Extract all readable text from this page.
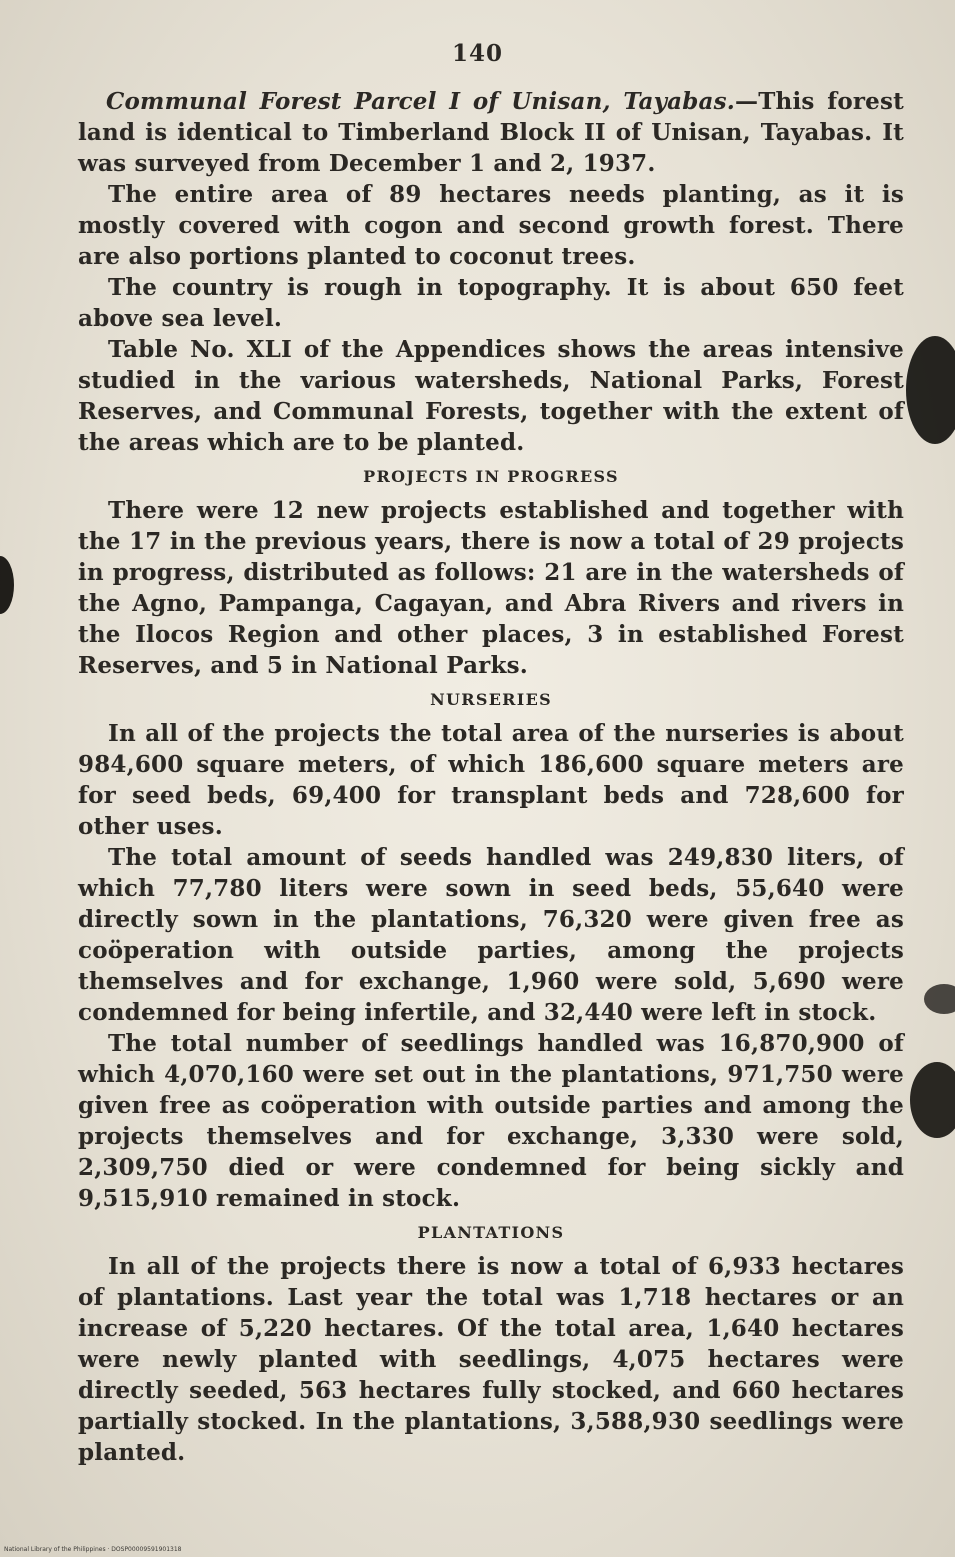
140

Communal Forest Parcel I of Unisan, Tayabas.—This forest land is identical to Timberland Block II of Unisan, Tayabas. It was surveyed from December 1 and 2, 1937.

The entire area of 89 hectares needs planting, as it is mostly covered with cogon and second growth forest. There are also portions planted to coconut trees.

The country is rough in topography. It is about 650 feet above sea level.

Table No. XLI of the Appendices shows the areas intensive studied in the various watersheds, National Parks, Forest Reserves, and Communal Forests, together with the extent of the areas which are to be planted.

PROJECTS IN PROGRESS

There were 12 new projects established and together with the 17 in the previous years, there is now a total of 29 projects in progress, distributed as follows: 21 are in the watersheds of the Agno, Pampanga, Cagayan, and Abra Rivers and rivers in the Ilocos Region and other places, 3 in established Forest Reserves, and 5 in National Parks.

NURSERIES

In all of the projects the total area of the nurseries is about 984,600 square meters, of which 186,600 square meters are for seed beds, 69,400 for transplant beds and 728,600 for other uses.

The total amount of seeds handled was 249,830 liters, of which 77,780 liters were sown in seed beds, 55,640 were directly sown in the plantations, 76,320 were given free as coöperation with outside parties, among the projects themselves and for exchange, 1,960 were sold, 5,690 were condemned for being infertile, and 32,440 were left in stock.

The total number of seedlings handled was 16,870,900 of which 4,070,160 were set out in the plantations, 971,750 were given free as coöperation with outside parties and among the projects themselves and for exchange, 3,330 were sold, 2,309,750 died or were condemned for being sickly and 9,515,910 remained in stock.

PLANTATIONS

In all of the projects there is now a total of 6,933 hectares of plantations. Last year the total was 1,718 hectares or an increase of 5,220 hectares. Of the total area, 1,640 hectares were newly planted with seedlings, 4,075 hectares were directly seeded, 563 hectares fully stocked, and 660 hectares partially stocked. In the plantations, 3,588,930 seedlings were planted.

National Library of the Philippines · DOSP00009591901318
